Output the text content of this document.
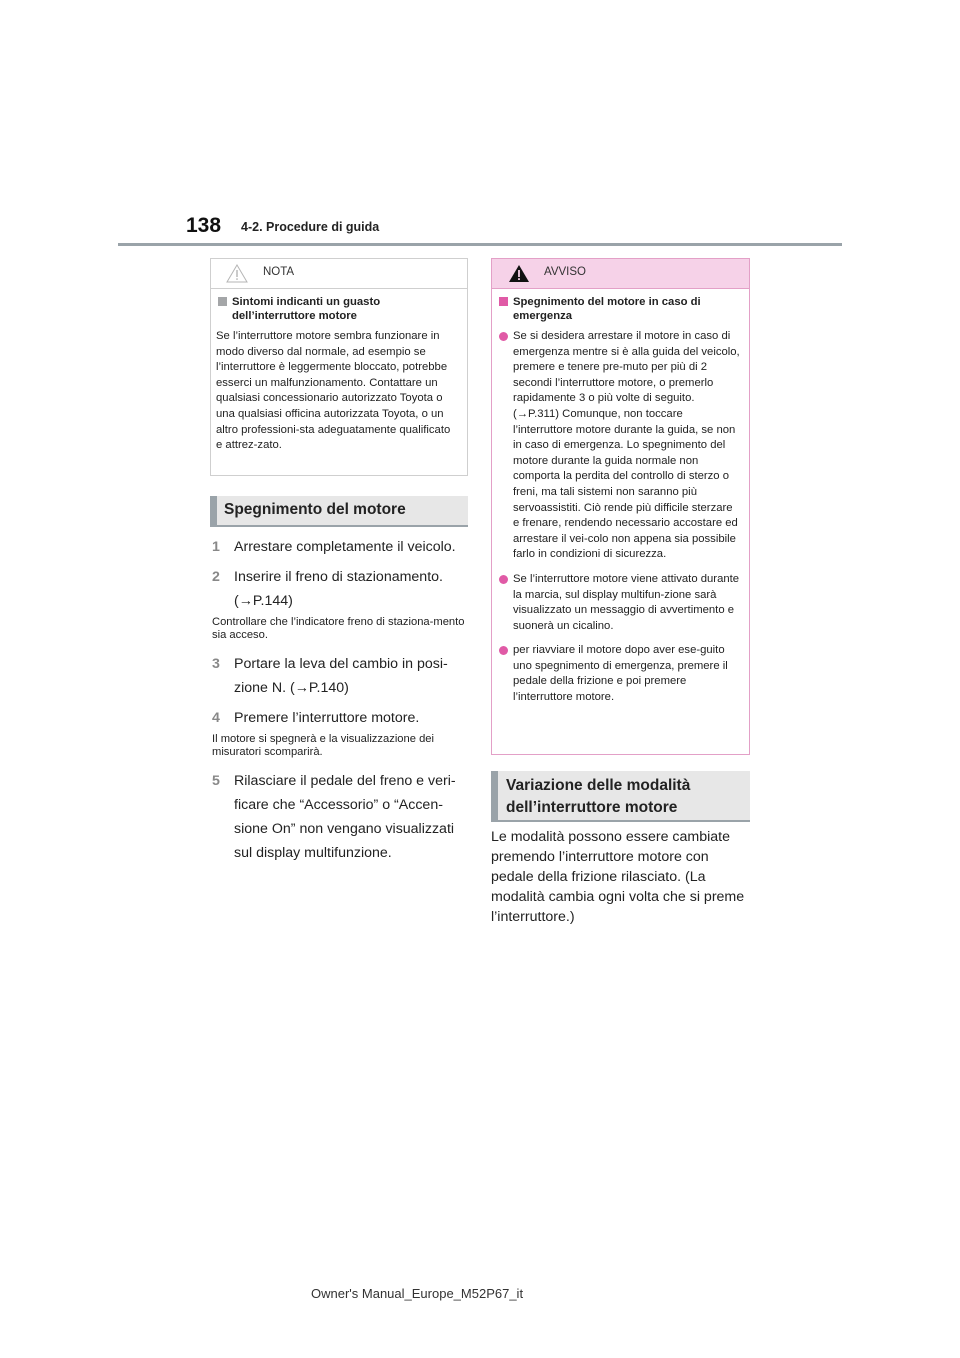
138 4-2. Procedure di guida
NOTA
Sintomi indicanti un guasto dell’interruttore motore
Se l’interruttore motore sembra funzionare in modo diverso dal normale, ad esempio se l’interruttore è leggermente bloccato, potrebbe esserci un malfunzionamento. Contattare un qualsiasi concessionario autorizzato Toyota o una qualsiasi officina autorizzata Toyota, o un altro professioni-sta adeguatamente qualificato e attrez-zato.
Spegnimento del motore
1 Arrestare completamente il veicolo.
2 Inserire il freno di stazionamento. (→P.144)
Controllare che l’indicatore freno di staziona-mento sia acceso.
3 Portare la leva del cambio in posi-zione N. (→P.140)
4 Premere l’interruttore motore.
Il motore si spegnerà e la visualizzazione dei misuratori scomparirà.
5 Rilasciare il pedale del freno e veri-ficare che “Accessorio” o “Accen-sione On” non vengano visualizzati sul display multifunzione.
AVVISO
Spegnimento del motore in caso di emergenza
Se si desidera arrestare il motore in caso di emergenza mentre si è alla guida del veicolo, premere e tenere pre-muto per più di 2 secondi l’interruttore motore, o premerlo rapidamente 3 o più volte di seguito. (→P.311) Comunque, non toccare l’interruttore motore durante la guida, se non in caso di emergenza. Lo spegnimento del motore durante la guida normale non comporta la perdita del controllo di sterzo o freni, ma tali sistemi non saranno più servoassistiti. Ciò rende più difficile sterzare e frenare, rendendo necessario accostare ed arrestare il vei-colo non appena sia possibile farlo in condizioni di sicurezza.
Se l’interruttore motore viene attivato durante la marcia, sul display multifun-zione sarà visualizzato un messaggio di avvertimento e suonerà un cicalino.
per riavviare il motore dopo aver ese-guito uno spegnimento di emergenza, premere il pedale della frizione e poi premere l’interruttore motore.
Variazione delle modalità dell’interruttore motore
Le modalità possono essere cambiate premendo l’interruttore motore con pedale della frizione rilasciato. (La modalità cambia ogni volta che si preme l’interruttore.)
Owner's Manual_Europe_M52P67_it
